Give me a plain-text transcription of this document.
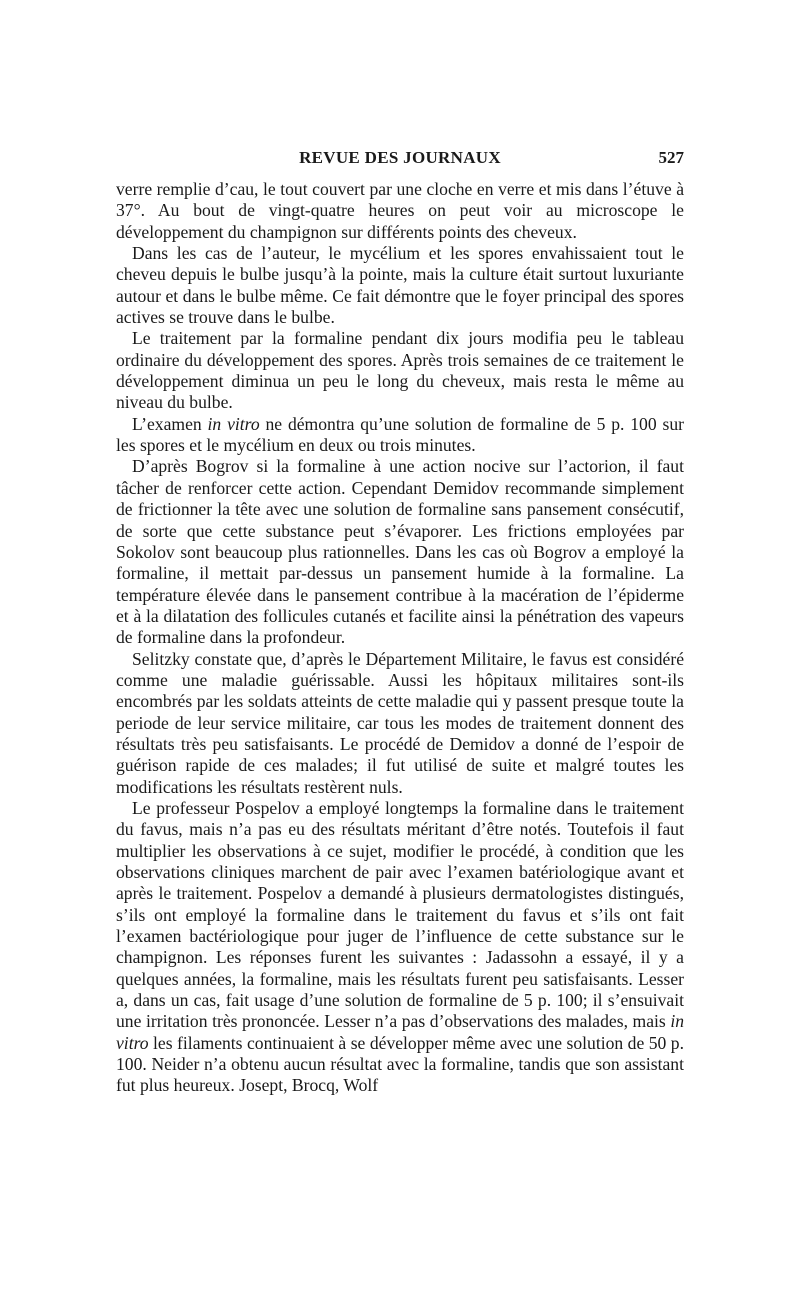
REVUE DES JOURNAUX	527

verre remplie d’cau, le tout couvert par une cloche en verre et mis dans l’étuve à 37°. Au bout de vingt-quatre heures on peut voir au microscope le développement du champignon sur différents points des cheveux.

Dans les cas de l’auteur, le mycélium et les spores envahissaient tout le cheveu depuis le bulbe jusqu’à la pointe, mais la culture était surtout luxuriante autour et dans le bulbe même. Ce fait démontre que le foyer principal des spores actives se trouve dans le bulbe.

Le traitement par la formaline pendant dix jours modifia peu le tableau ordinaire du développement des spores. Après trois semaines de ce traitement le développement diminua un peu le long du cheveux, mais resta le même au niveau du bulbe.

L’examen in vitro ne démontra qu’une solution de formaline de 5 p. 100 sur les spores et le mycélium en deux ou trois minutes.

D’après Bogrov si la formaline à une action nocive sur l’actorion, il faut tâcher de renforcer cette action. Cependant Demidov recommande simplement de frictionner la tête avec une solution de formaline sans pansement consécutif, de sorte que cette substance peut s’évaporer. Les frictions employées par Sokolov sont beaucoup plus rationnelles. Dans les cas où Bogrov a employé la formaline, il mettait par-dessus un pansement humide à la formaline. La température élevée dans le pansement contribue à la macération de l’épiderme et à la dilatation des follicules cutanés et facilite ainsi la pénétration des vapeurs de formaline dans la profondeur.

Selitzky constate que, d’après le Département Militaire, le favus est considéré comme une maladie guérissable. Aussi les hôpitaux militaires sont-ils encombrés par les soldats atteints de cette maladie qui y passent presque toute la periode de leur service militaire, car tous les modes de traitement donnent des résultats très peu satisfaisants. Le procédé de Demidov a donné de l’espoir de guérison rapide de ces malades; il fut utilisé de suite et malgré toutes les modifications les résultats restèrent nuls.

Le professeur Pospelov a employé longtemps la formaline dans le traitement du favus, mais n’a pas eu des résultats méritant d’être notés. Toutefois il faut multiplier les observations à ce sujet, modifier le procédé, à condition que les observations cliniques marchent de pair avec l’examen batériologique avant et après le traitement. Pospelov a demandé à plusieurs dermatologistes distingués, s’ils ont employé la formaline dans le traitement du favus et s’ils ont fait l’examen bactériologique pour juger de l’influence de cette substance sur le champignon. Les réponses furent les suivantes : Jadassohn a essayé, il y a quelques années, la formaline, mais les résultats furent peu satisfaisants. Lesser a, dans un cas, fait usage d’une solution de formaline de 5 p. 100; il s’ensuivait une irritation très prononcée. Lesser n’a pas d’observations des malades, mais in vitro les filaments continuaient à se développer même avec une solution de 50 p. 100. Neider n’a obtenu aucun résultat avec la formaline, tandis que son assistant fut plus heureux. Josept, Brocq, Wolf
